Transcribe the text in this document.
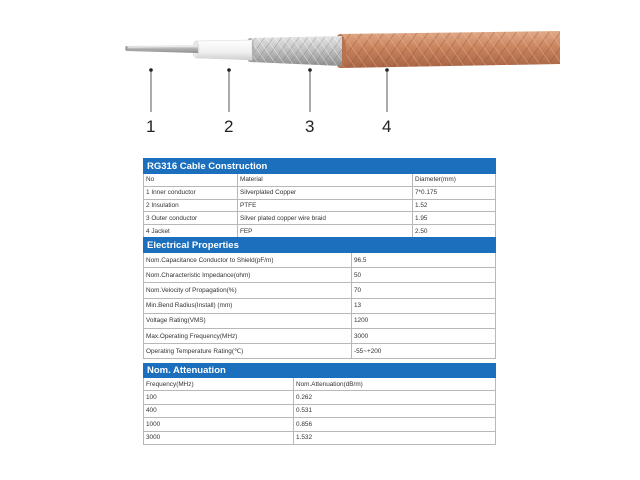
1	2	3	4
RG316 Cable Construction		
No	Material	Diameter(mm)
1 Inner conductor	Silverplated Copper	7*0.175
2 Insulation	PTFE	1.52
3 Outer conductor	Silver plated copper wire braid	1.95
4 Jacket	FEP	2.50
Electrical Properties	
Nom.Capacitance Conductor to Shield(pF/m)	96.5
Nom.Characteristic Impedance(ohm)	50
Nom.Velocity of Propagation(%)	70
Min.Bend Radius(Install) (mm)	13
Voltage Rating(VMS)	1200
Max.Operating Frequency(MHz)	3000
Operating Temperature Rating(℃)	-55~+200
Nom. Attenuation	
Frequency(MHz)	Nom.Attenuation(dB/m)
100	0.262
400	0.531
1000	0.856
3000	1.532
